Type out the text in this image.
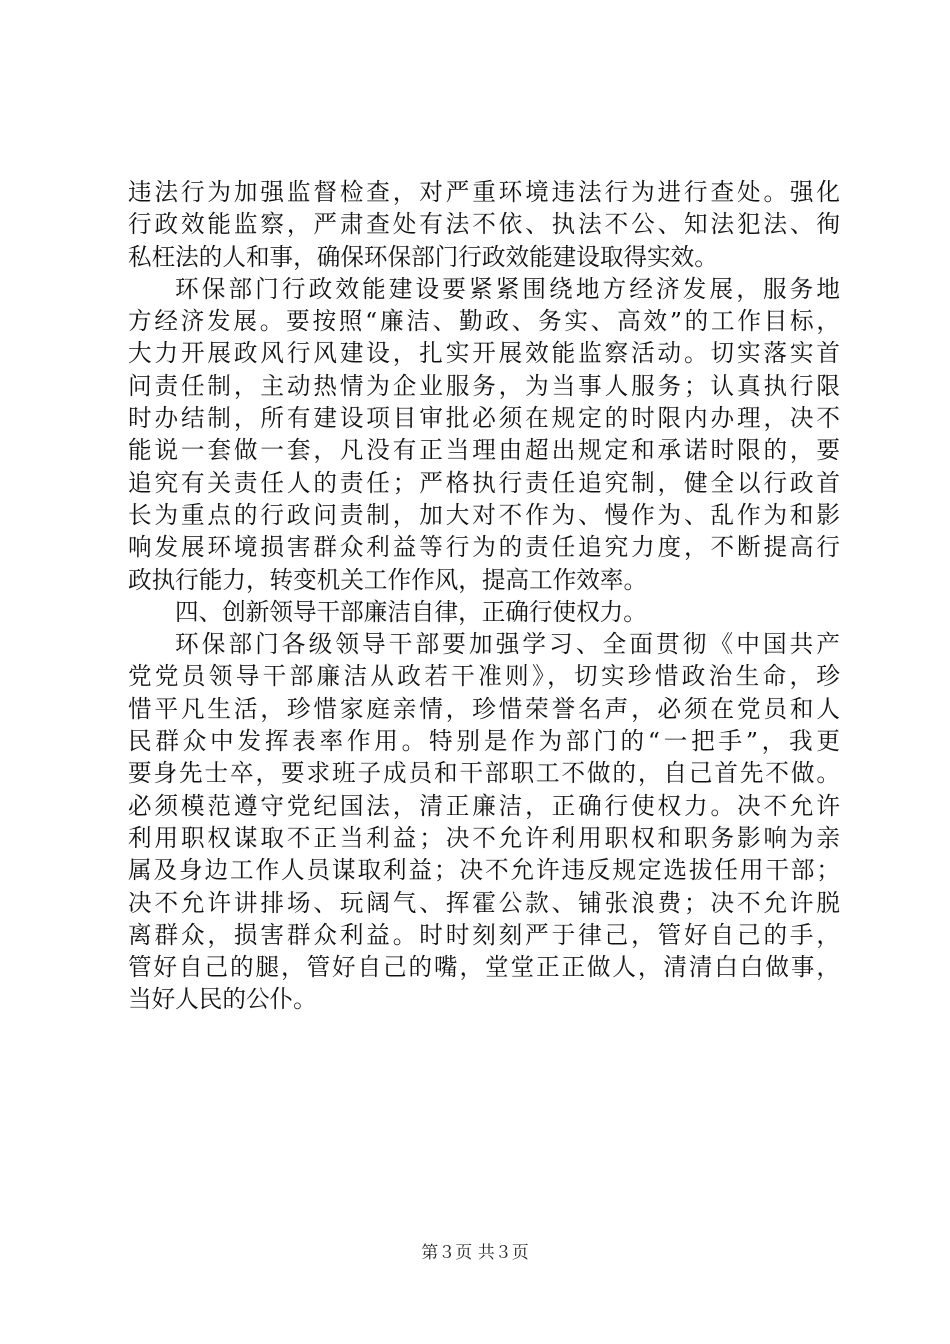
违法行为加强监督检查，对严重环境违法行为进行查处。强化
行政效能监察，严肃查处有法不依、执法不公、知法犯法、徇
私枉法的人和事，确保环保部门行政效能建设取得实效。
环保部门行政效能建设要紧紧围绕地方经济发展，服务地
方经济发展。要按照“廉洁、勤政、务实、高效”的工作目标，
大力开展政风行风建设，扎实开展效能监察活动。切实落实首
问责任制，主动热情为企业服务，为当事人服务；认真执行限
时办结制，所有建设项目审批必须在规定的时限内办理，决不
能说一套做一套，凡没有正当理由超出规定和承诺时限的，要
追究有关责任人的责任；严格执行责任追究制，健全以行政首
长为重点的行政问责制，加大对不作为、慢作为、乱作为和影
响发展环境损害群众利益等行为的责任追究力度，不断提高行
政执行能力，转变机关工作作风，提高工作效率。
四、创新领导干部廉洁自律，正确行使权力。
环保部门各级领导干部要加强学习、全面贯彻《中国共产
党党员领导干部廉洁从政若干准则》，切实珍惜政治生命，珍
惜平凡生活，珍惜家庭亲情，珍惜荣誉名声，必须在党员和人
民群众中发挥表率作用。特别是作为部门的“一把手”，我更
要身先士卒，要求班子成员和干部职工不做的，自己首先不做。
必须模范遵守党纪国法，清正廉洁，正确行使权力。决不允许
利用职权谋取不正当利益；决不允许利用职权和职务影响为亲
属及身边工作人员谋取利益；决不允许违反规定选拔任用干部；
决不允许讲排场、玩阔气、挥霍公款、铺张浪费；决不允许脱
离群众，损害群众利益。时时刻刻严于律己，管好自己的手，
管好自己的腿，管好自己的嘴，堂堂正正做人，清清白白做事，
当好人民的公仆。
第３页 共３页
